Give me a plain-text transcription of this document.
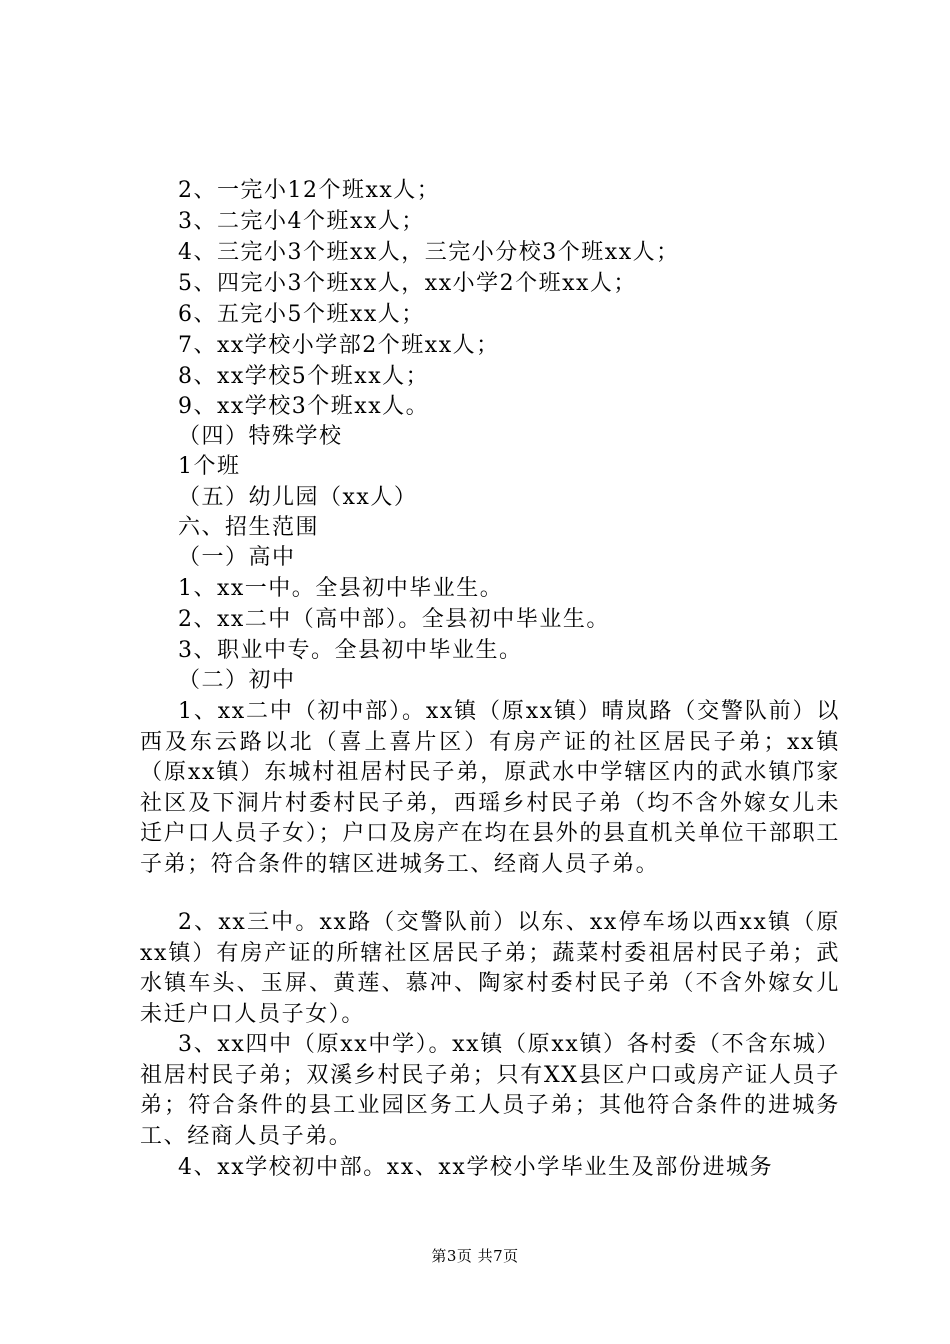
2、一完小12个班xx人；
3、二完小4个班xx人；
4、三完小3个班xx人，三完小分校3个班xx人；
5、四完小3个班xx人，xx小学2个班xx人；
6、五完小5个班xx人；
7、xx学校小学部2个班xx人；
8、xx学校5个班xx人；
9、xx学校3个班xx人。
（四）特殊学校
1个班
（五）幼儿园（xx人）
六、招生范围
（一）高中
1、xx一中。全县初中毕业生。
2、xx二中（高中部）。全县初中毕业生。
3、职业中专。全县初中毕业生。
（二）初中
1、xx二中（初中部）。xx镇（原xx镇）晴岚路（交警队前）以西及东云路以北（喜上喜片区）有房产证的社区居民子弟；xx镇（原xx镇）东城村祖居村民子弟，原武水中学辖区内的武水镇邝家社区及下洞片村委村民子弟，西瑶乡村民子弟（均不含外嫁女儿未迁户口人员子女）；户口及房产在均在县外的县直机关单位干部职工子弟；符合条件的辖区进城务工、经商人员子弟。
2、xx三中。xx路（交警队前）以东、xx停车场以西xx镇（原xx镇）有房产证的所辖社区居民子弟；蔬菜村委祖居村民子弟；武水镇车头、玉屏、黄莲、慕冲、陶家村委村民子弟（不含外嫁女儿未迁户口人员子女）。
3、xx四中（原xx中学）。xx镇（原xx镇）各村委（不含东城）祖居村民子弟；双溪乡村民子弟；只有XX县区户口或房产证人员子弟；符合条件的县工业园区务工人员子弟；其他符合条件的进城务工、经商人员子弟。
4、xx学校初中部。xx、xx学校小学毕业生及部份进城务
第3页 共7页
